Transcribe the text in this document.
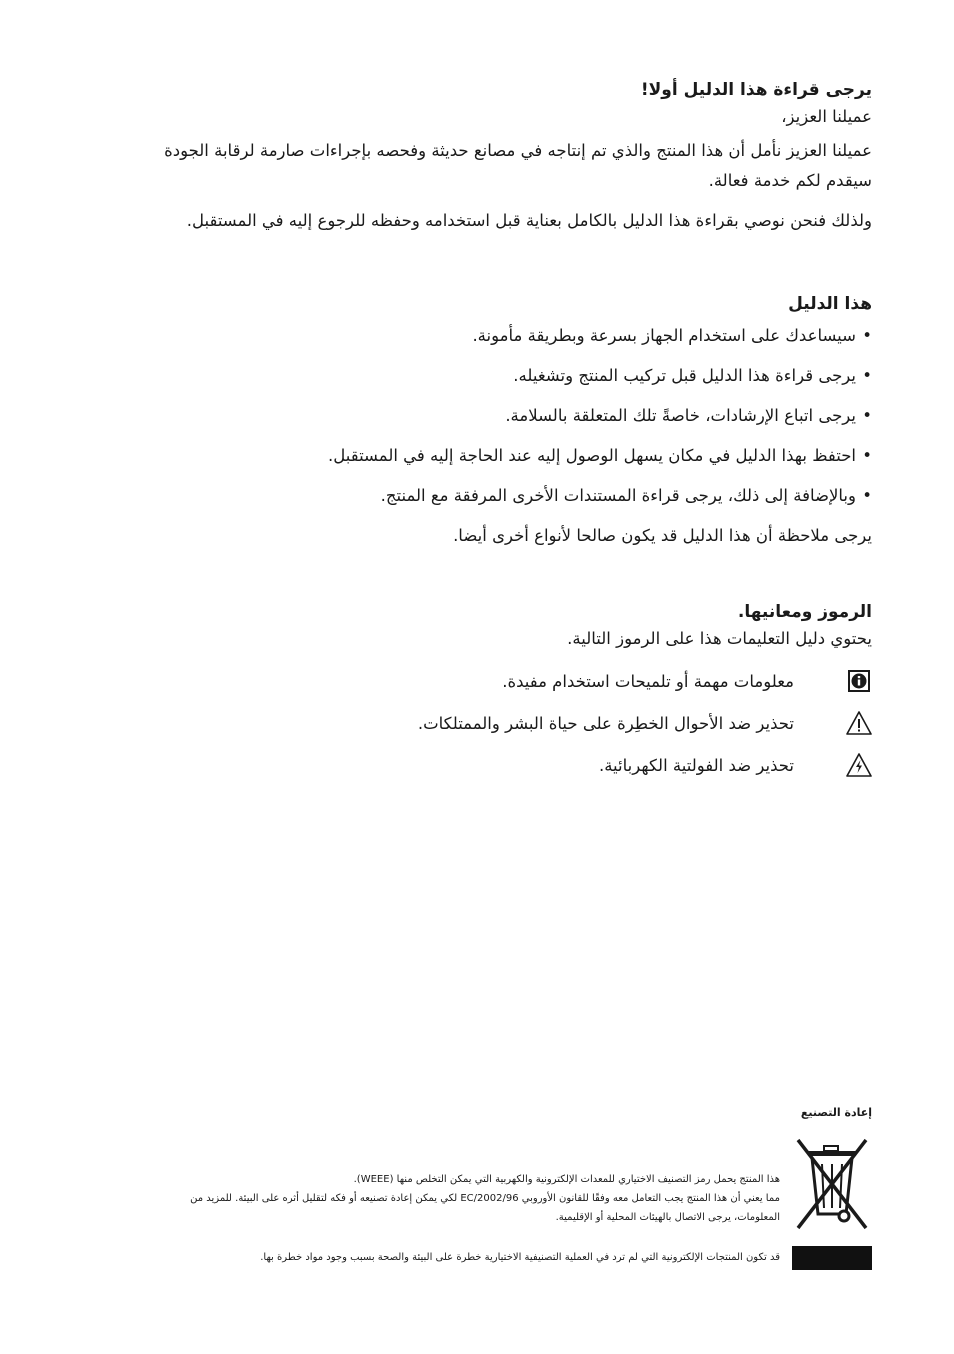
يرجى قراءة هذا الدليل أولا!

عميلنا العزيز،

عميلنا العزيز نأمل أن هذا المنتج والذي تم إنتاجه في مصانع حديثة وفحصه بإجراءات صارمة لرقابة الجودة

سيقدم لكم خدمة فعالة.

ولذلك فنحن نوصي بقراءة هذا الدليل بالكامل بعناية قبل استخدامه وحفظه للرجوع إليه في المستقبل.

هذا الدليل

• سيساعدك على استخدام الجهاز بسرعة وبطريقة مأمونة.
• يرجى قراءة هذا الدليل قبل تركيب المنتج وتشغيله.
• يرجى اتباع الإرشادات، خاصةً تلك المتعلقة بالسلامة.
• احتفظ بهذا الدليل في مكان يسهل الوصول إليه عند الحاجة إليه في المستقبل.
• وبالإضافة إلى ذلك، يرجى قراءة المستندات الأخرى المرفقة مع المنتج.

يرجى ملاحظة أن هذا الدليل قد يكون صالحا لأنواع أخرى أيضا.

الرموز ومعانيها.

يحتوي دليل التعليمات هذا على الرموز التالية.

معلومات مهمة أو تلميحات استخدام مفيدة.
تحذير ضد الأحوال الخطِرة على حياة البشر والممتلكات.
تحذير ضد الفولتية الكهربائية.
إعادة التصنيع
هذا المنتج يحمل رمز التصنيف الاختياري للمعدات الإلكترونية والكهربية التي يمكن التخلص منها (WEEE).
مما يعني أن هذا المنتج يجب التعامل معه وفقًا للقانون الأوروبي EC/2002/96 لكي يمكن إعادة تصنيعه أو فكه لتقليل أثره على البيئة. للمزيد من
المعلومات، يرجى الاتصال بالهيئات المحلية أو الإقليمية.
قد تكون المنتجات الإلكترونية التي لم ترد في العملية التصنيفية الاختيارية خطرة على البيئة والصحة بسبب وجود مواد خطرة بها.
